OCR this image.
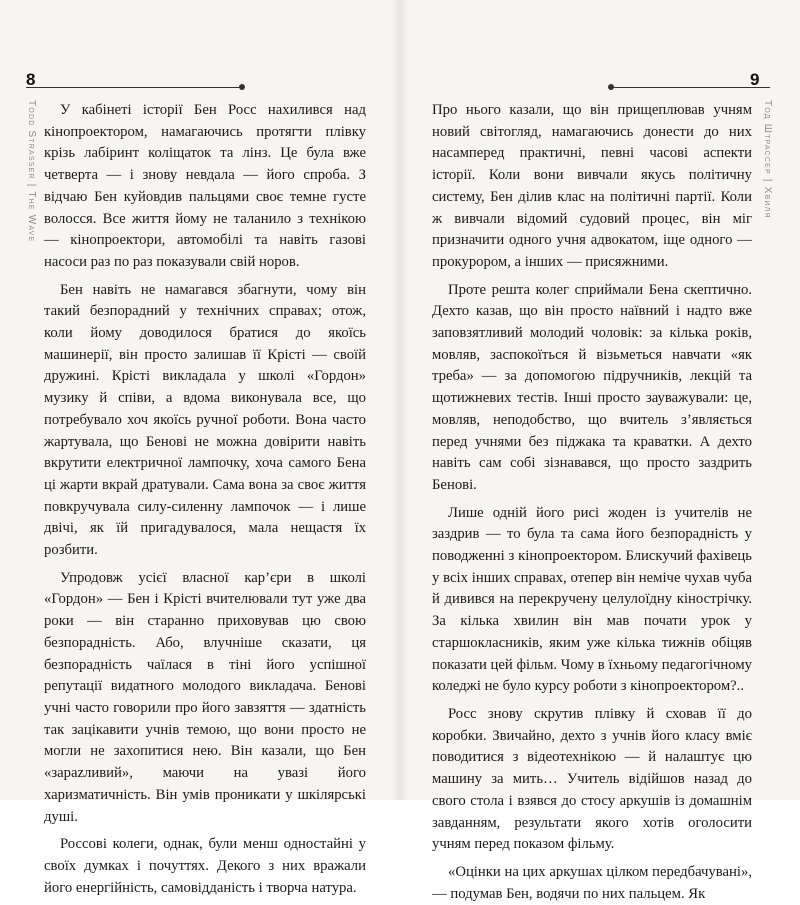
8
Todd Strasser | The Wave	У кабінеті історії Бен Росс нахилився над кінопроектором, намагаючись протягти плівку крізь лабіринт коліщаток та лінз. Це була вже четверта — і знову невдала — його спроба. З відчаю Бен куйовдив пальцями своє темне густе волосся. Все життя йому не таланило з технікою — кінопроектори, автомобілі та навіть газові насоси раз по раз показували свій норов.

Бен навіть не намагався збагнути, чому він такий безпорадний у технічних справах; отож, коли йому доводилося братися до якоїсь машинерії, він просто залишав її Крісті — своїй дружині. Крісті викладала у школі «Гордон» музику й співи, а вдома виконувала все, що потребувало хоч якоїсь ручної роботи. Вона часто жартувала, що Бенові не можна довірити навіть вкрутити електричної лампочку, хоча самого Бена ці жарти вкрай дратували. Сама вона за своє життя повкручувала силу-силенну лампочок — і лише двічі, як їй пригадувалося, мала нещастя їх розбити.

Упродовж усієї власної кар’єри в школі «Гордон» — Бен і Крісті вчителювали тут уже два роки — він старанно приховував цю свою безпорадність. Або, влучніше сказати, ця безпорадність чаїлася в тіні його успішної репутації видатного молодого викладача. Бенові учні часто говорили про його завзяття — здатність так зацікавити учнів темою, що вони просто не могли не захопитися нею. Він казали, що Бен «зарazливий», маючи на увазі його харизматичність. Він умів проникати у шкілярські душі.

Россові колеги, однак, були менш одностайні у своїх думках і почуттях. Декого з них вражали його енергійність, самовідданість і творча натура.

9
Тод Штрассер | Хвиля

Про нього казали, що він прищеплював учням новий світогляд, намагаючись донести до них насамперед практичні, певні часові аспекти історії. Коли вони вивчали якусь політичну систему, Бен ділив клас на політичні партії. Коли ж вивчали відомий судовий процес, він міг призначити одного учня адвокатом, іще одного — прокурором, а інших — присяжними.

Проте решта колег сприймали Бена скептично. Дехто казав, що він просто наївний і надто вже заповзятливий молодий чоловік: за кілька років, мовляв, заспокоїться й візьметься навчати «як треба» — за допомогою підручників, лекцій та щотижневих тестів. Інші просто зауважували: це, мовляв, неподобство, що вчитель з’являється перед учнями без піджака та краватки. А дехто навіть сам собі зізнавався, що просто заздрить Бенові.

Лише одній його рисі жоден із учителів не заздрив — то була та сама його безпорадність у поводженні з кінопроектором. Блискучий фахівець у всіх інших справах, отепер він неміче чухав чуба й дивився на перекручену целулоїдну кінострічку. За кілька хвилин він мав почати урок у старшокласників, яким уже кілька тижнів обіцяв показати цей фільм. Чому в їхньому педагогічному коледжі не було курсу роботи з кінопроектором?..

Росс знову скрутив плівку й сховав її до коробки. Звичайно, дехто з учнів його класу вміє поводитися з відеотехнікою — й налаштує цю машину за мить… Учитель відійшов назад до свого стола і взявся до стосу аркушів із домашнім завданням, результати якого хотів оголосити учням перед показом фільму.

«Оцінки на цих аркушах цілком передбачувані», — подумав Бен, водячи по них пальцем. Як
